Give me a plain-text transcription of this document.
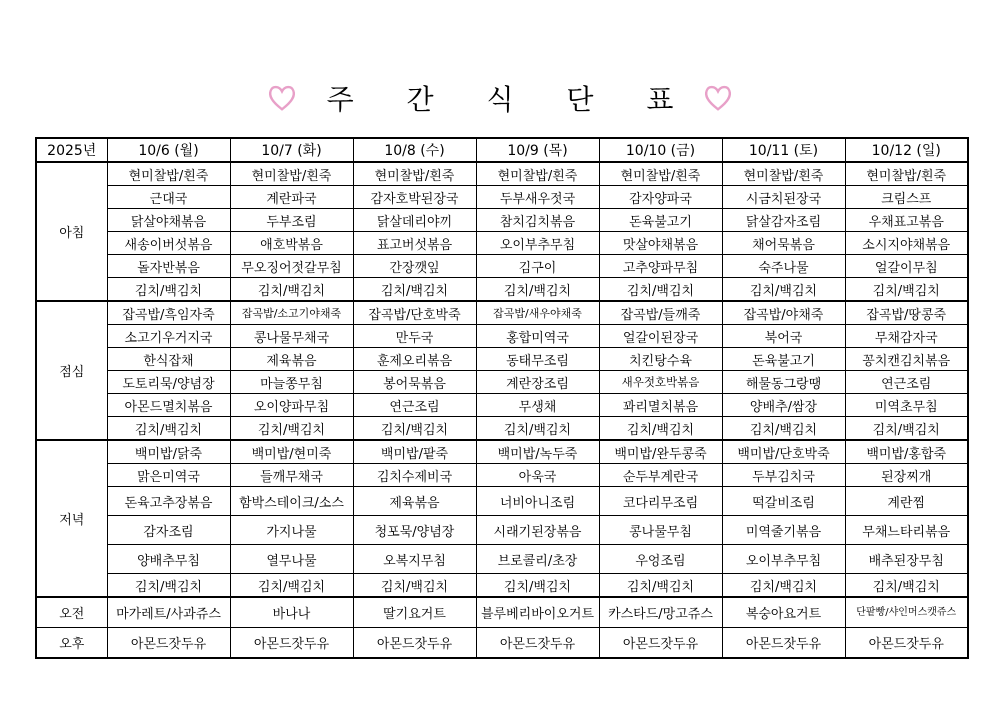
주 간 식 단 표
2025년	10/6 (월)	10/7 (화)	10/8 (수)	10/9 (목)	10/10 (금)	10/11 (토)	10/12 (일)
아침	현미찰밥/흰죽	현미찰밥/흰죽	현미찰밥/흰죽	현미찰밥/흰죽	현미찰밥/흰죽	현미찰밥/흰죽	현미찰밥/흰죽
	근대국	계란파국	감자호박된장국	두부새우젓국	감자양파국	시금치된장국	크림스프
	닭살야채볶음	두부조림	닭살데리야끼	참치김치볶음	돈육불고기	닭살감자조림	우채표고볶음
	새송이버섯볶음	애호박볶음	표고버섯볶음	오이부추무침	맛살야채볶음	채어묵볶음	소시지야채볶음
	돌자반볶음	무오징어젓갈무침	간장깻잎	김구이	고추양파무침	숙주나물	얼갈이무침
	김치/백김치	김치/백김치	김치/백김치	김치/백김치	김치/백김치	김치/백김치	김치/백김치
점심	잡곡밥/흑임자죽	잡곡밥/소고기야채죽	잡곡밥/단호박죽	잡곡밥/새우야채죽	잡곡밥/들깨죽	잡곡밥/야채죽	잡곡밥/땅콩죽
	소고기우거지국	콩나물무채국	만두국	홍합미역국	얼갈이된장국	북어국	무채감자국
	한식잡채	제육볶음	훈제오리볶음	동태무조림	치킨탕수육	돈육불고기	꽁치캔김치볶음
	도토리묵/양념장	마늘쫑무침	봉어묵볶음	계란장조림	새우젓호박볶음	해물동그랑땡	연근조림
	아몬드멸치볶음	오이양파무침	연근조림	무생채	꽈리멸치볶음	양배추/쌈장	미역초무침
	김치/백김치	김치/백김치	김치/백김치	김치/백김치	김치/백김치	김치/백김치	김치/백김치
저녁	백미밥/닭죽	백미밥/현미죽	백미밥/팥죽	백미밥/녹두죽	백미밥/완두콩죽	백미밥/단호박죽	백미밥/홍합죽
	맑은미역국	들깨무채국	김치수제비국	아욱국	순두부계란국	두부김치국	된장찌개
	돈육고추장볶음	함박스테이크/소스	제육볶음	너비아니조림	코다리무조림	떡갈비조림	계란찜
	감자조림	가지나물	청포묵/양념장	시래기된장볶음	콩나물무침	미역줄기볶음	무채느타리볶음
	양배추무침	열무나물	오복지무침	브로콜리/초장	우엉조림	오이부추무침	배추된장무침
	김치/백김치	김치/백김치	김치/백김치	김치/백김치	김치/백김치	김치/백김치	김치/백김치
오전	마가레트/사과쥬스	바나나	딸기요거트	블루베리바이오거트	카스타드/망고쥬스	복숭아요거트	단팥빵/샤인머스캣쥬스
오후	아몬드잣두유	아몬드잣두유	아몬드잣두유	아몬드잣두유	아몬드잣두유	아몬드잣두유	아몬드잣두유
